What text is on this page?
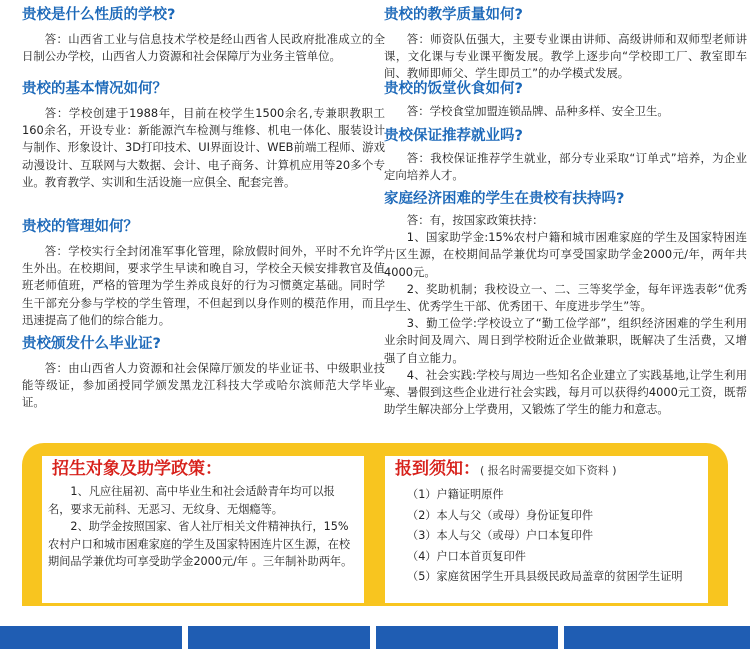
贵校是什么性质的学校?

答：山西省工业与信息技术学校是经山西省人民政府批准成立的全日制公办学校，山西省人力资源和社会保障厅为业务主管单位。

贵校的基本情况如何？

答：学校创建于1988年，目前在校学生1500余名,专兼职教职工160余名，开设专业：新能源汽车检测与维修、机电一体化、服装设计与制作、形象设计、3D打印技术、UI界面设计、WEB前端工程师、游戏动漫设计、互联网与大数据、会计、电子商务、计算机应用等20多个专业。教育教学、实训和生活设施一应俱全、配套完善。

贵校的管理如何？

答：学校实行全封闭准军事化管理，除放假时间外，平时不允许学生外出。在校期间，要求学生早读和晚自习，学校全天候安排教官及值班老师值班，严格的管理为学生养成良好的行为习惯奠定基础。同时学生干部充分参与学校的学生管理，不但起到以身作则的模范作用，而且迅速提高了他们的综合能力。

贵校颁发什么毕业证?

答：由山西省人力资源和社会保障厅颁发的毕业证书、中级职业技能等级证，参加函授同学颁发黑龙江科技大学或哈尔滨师范大学毕业证。

贵校的教学质量如何?

答：师资队伍强大，主要专业课由讲师、高级讲师和双师型老师讲课，文化课与专业课平衡发展。教学上逐步向“学校即工厂、教室即车间、教师即师父、学生即员工”的办学模式发展。

贵校的饭堂伙食如何?

答：学校食堂加盟连锁品牌、品种多样、安全卫生。

贵校保证推荐就业吗?

答：我校保证推荐学生就业，部分专业采取“订单式”培养，为企业定向培养人才。

家庭经济困难的学生在贵校有扶持吗?

答：有，按国家政策扶持：

1、国家助学金:15%农村户籍和城市困难家庭的学生及国家特困连片区生源，在校期间品学兼优均可享受国家助学金2000元/年，两年共4000元。

2、奖助机制；我校设立一、二、三等奖学金，每年评选表彰“优秀学生、优秀学生干部、优秀团干、年度进步学生”等。

3、勤工俭学:学校设立了“勤工俭学部”，组织经济困难的学生利用业余时间及周六、周日到学校附近企业做兼职，既解决了生活费，又增强了自立能力。

4、社会实践:学校与周边一些知名企业建立了实践基地,让学生利用寒、暑假到这些企业进行社会实践，每月可以获得约4000元工资，既帮助学生解决部分上学费用，又锻炼了学生的能力和意志。

招生对象及助学政策：

1、凡应往届初、高中毕业生和社会适龄青年均可以报名，要求无前科、无恶习、无纹身、无烟瘾等。

2、助学金按照国家、省人社厅相关文件精神执行，15%农村户口和城市困难家庭的学生及国家特困连片区生源，在校期间品学兼优均可享受助学金2000元/年 。三年制补助两年。

报到须知：( 报名时需要提交如下资料 )

（1）户籍证明原件
（2）本人与父（或母）身份证复印件
（3）本人与父（或母）户口本复印件
（4）户口本首页复印件
（5）家庭贫困学生开具县级民政局盖章的贫困学生证明
